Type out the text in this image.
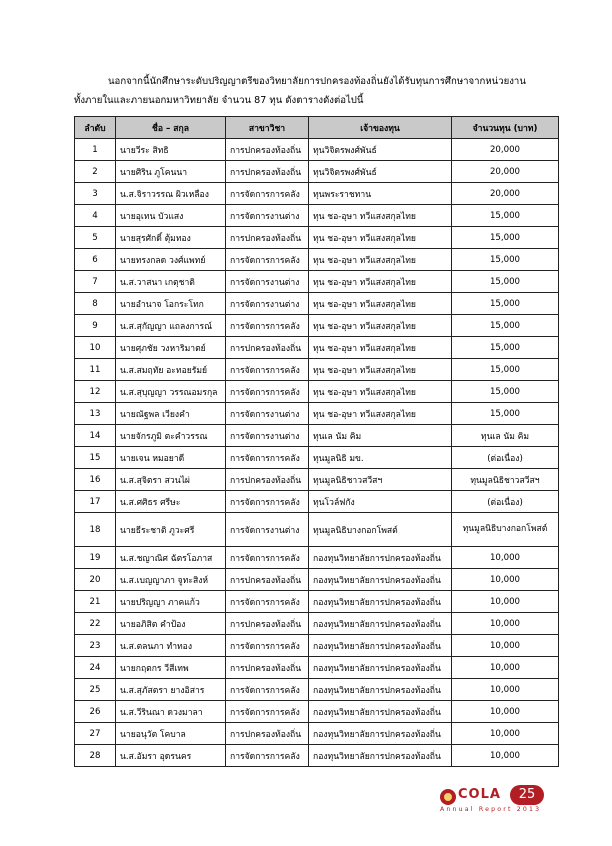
นอกจากนี้นักศึกษาระดับปริญญาตรีของวิทยาลัยการปกครองท้องถิ่นยังได้รับทุนการศึกษาจากหน่วยงาน

ทั้งภายในและภายนอกมหาวิทยาลัย จำนวน 87 ทุน ดังตารางดังต่อไปนี้

ลำดับ	ชื่อ – สกุล	สาขาวิชา	เจ้าของทุน	จำนวนทุน (บาท)
1	นายวีระ สิทธิ	การปกครองท้องถิ่น	ทุนวิจิตรพงศ์พันธ์	20,000
2	นายศิริน ภูโคนนา	การปกครองท้องถิ่น	ทุนวิจิตรพงศ์พันธ์	20,000
3	น.ส.จิราวรรณ ผิวเหลือง	การจัดการการคลัง	ทุนพระราชทาน	20,000
4	นายอุเทน บัวแสง	การจัดการงานต่าง	ทุน ชอ-อุษา ทวีแสงสกุลไทย	15,000
5	นายสุรศักดิ์ ตุ้มทอง	การปกครองท้องถิ่น	ทุน ชอ-อุษา ทวีแสงสกุลไทย	15,000
6	นายทรงกลด วงศ์แพทย์	การจัดการการคลัง	ทุน ชอ-อุษา ทวีแสงสกุลไทย	15,000
7	น.ส.วาสนา เกตุชาติ	การจัดการงานต่าง	ทุน ชอ-อุษา ทวีแสงสกุลไทย	15,000
8	นายอำนาจ โอกระโทก	การจัดการงานต่าง	ทุน ชอ-อุษา ทวีแสงสกุลไทย	15,000
9	น.ส.สุกัญญา แถลงการณ์	การจัดการการคลัง	ทุน ชอ-อุษา ทวีแสงสกุลไทย	15,000
10	นายศุภชัย วงหาริมาตย์	การปกครองท้องถิ่น	ทุน ชอ-อุษา ทวีแสงสกุลไทย	15,000
11	น.ส.สมฤทัย อะทอยรัมย์	การจัดการการคลัง	ทุน ชอ-อุษา ทวีแสงสกุลไทย	15,000
12	น.ส.สุบุญญา วรรณอมรกุล	การจัดการการคลัง	ทุน ชอ-อุษา ทวีแสงสกุลไทย	15,000
13	นายณัฐพล เวียงคำ	การจัดการงานต่าง	ทุน ชอ-อุษา ทวีแสงสกุลไทย	15,000
14	นายจักรภูมิ ตะคำวรรณ	การจัดการงานต่าง	ทุนเล นัม คิม	ทุนเล นัม คิม
15	นายเจน หมอยาดี	การจัดการการคลัง	ทุนมูลนิธิ มข.	(ต่อเนื่อง)
16	น.ส.สุจิตรา สวนไผ่	การปกครองท้องถิ่น	ทุนมูลนิธิชาวสวีสฯ	ทุนมูลนิธิชาวสวีสฯ
17	น.ส.ศศิธร ศรีษะ	การจัดการการคลัง	ทุนโวล์ฟกัง	(ต่อเนื่อง)
18	นายธีระชาติ ภูวะศรี	การจัดการงานต่าง	ทุนมูลนิธิบางกอกโพสต์	ทุนมูลนิธิบางกอกโพสต์
19	น.ส.ชญาณิศ ฉัตรโอภาส	การจัดการการคลัง	กองทุนวิทยาลัยการปกครองท้องถิ่น	10,000
20	น.ส.เบญญาภา จูทะสิงห์	การปกครองท้องถิ่น	กองทุนวิทยาลัยการปกครองท้องถิ่น	10,000
21	นายปริญญา ภาคแก้ว	การจัดการการคลัง	กองทุนวิทยาลัยการปกครองท้องถิ่น	10,000
22	นายอภิสิต คำป้อง	การปกครองท้องถิ่น	กองทุนวิทยาลัยการปกครองท้องถิ่น	10,000
23	น.ส.ตลนภา ทำทอง	การจัดการการคลัง	กองทุนวิทยาลัยการปกครองท้องถิ่น	10,000
24	นายกฤตกร วีสีเทพ	การปกครองท้องถิ่น	กองทุนวิทยาลัยการปกครองท้องถิ่น	10,000
25	น.ส.สุภัสตรา ยางอิสาร	การจัดการการคลัง	กองทุนวิทยาลัยการปกครองท้องถิ่น	10,000
26	น.ส.วีรินณา ดวงมาลา	การจัดการการคลัง	กองทุนวิทยาลัยการปกครองท้องถิ่น	10,000
27	นายอนุวัต โคบาล	การปกครองท้องถิ่น	กองทุนวิทยาลัยการปกครองท้องถิ่น	10,000
28	น.ส.อัมรา อุดรนคร	การจัดการการคลัง	กองทุนวิทยาลัยการปกครองท้องถิ่น	10,000
COLA	25
Annual Report 2013
